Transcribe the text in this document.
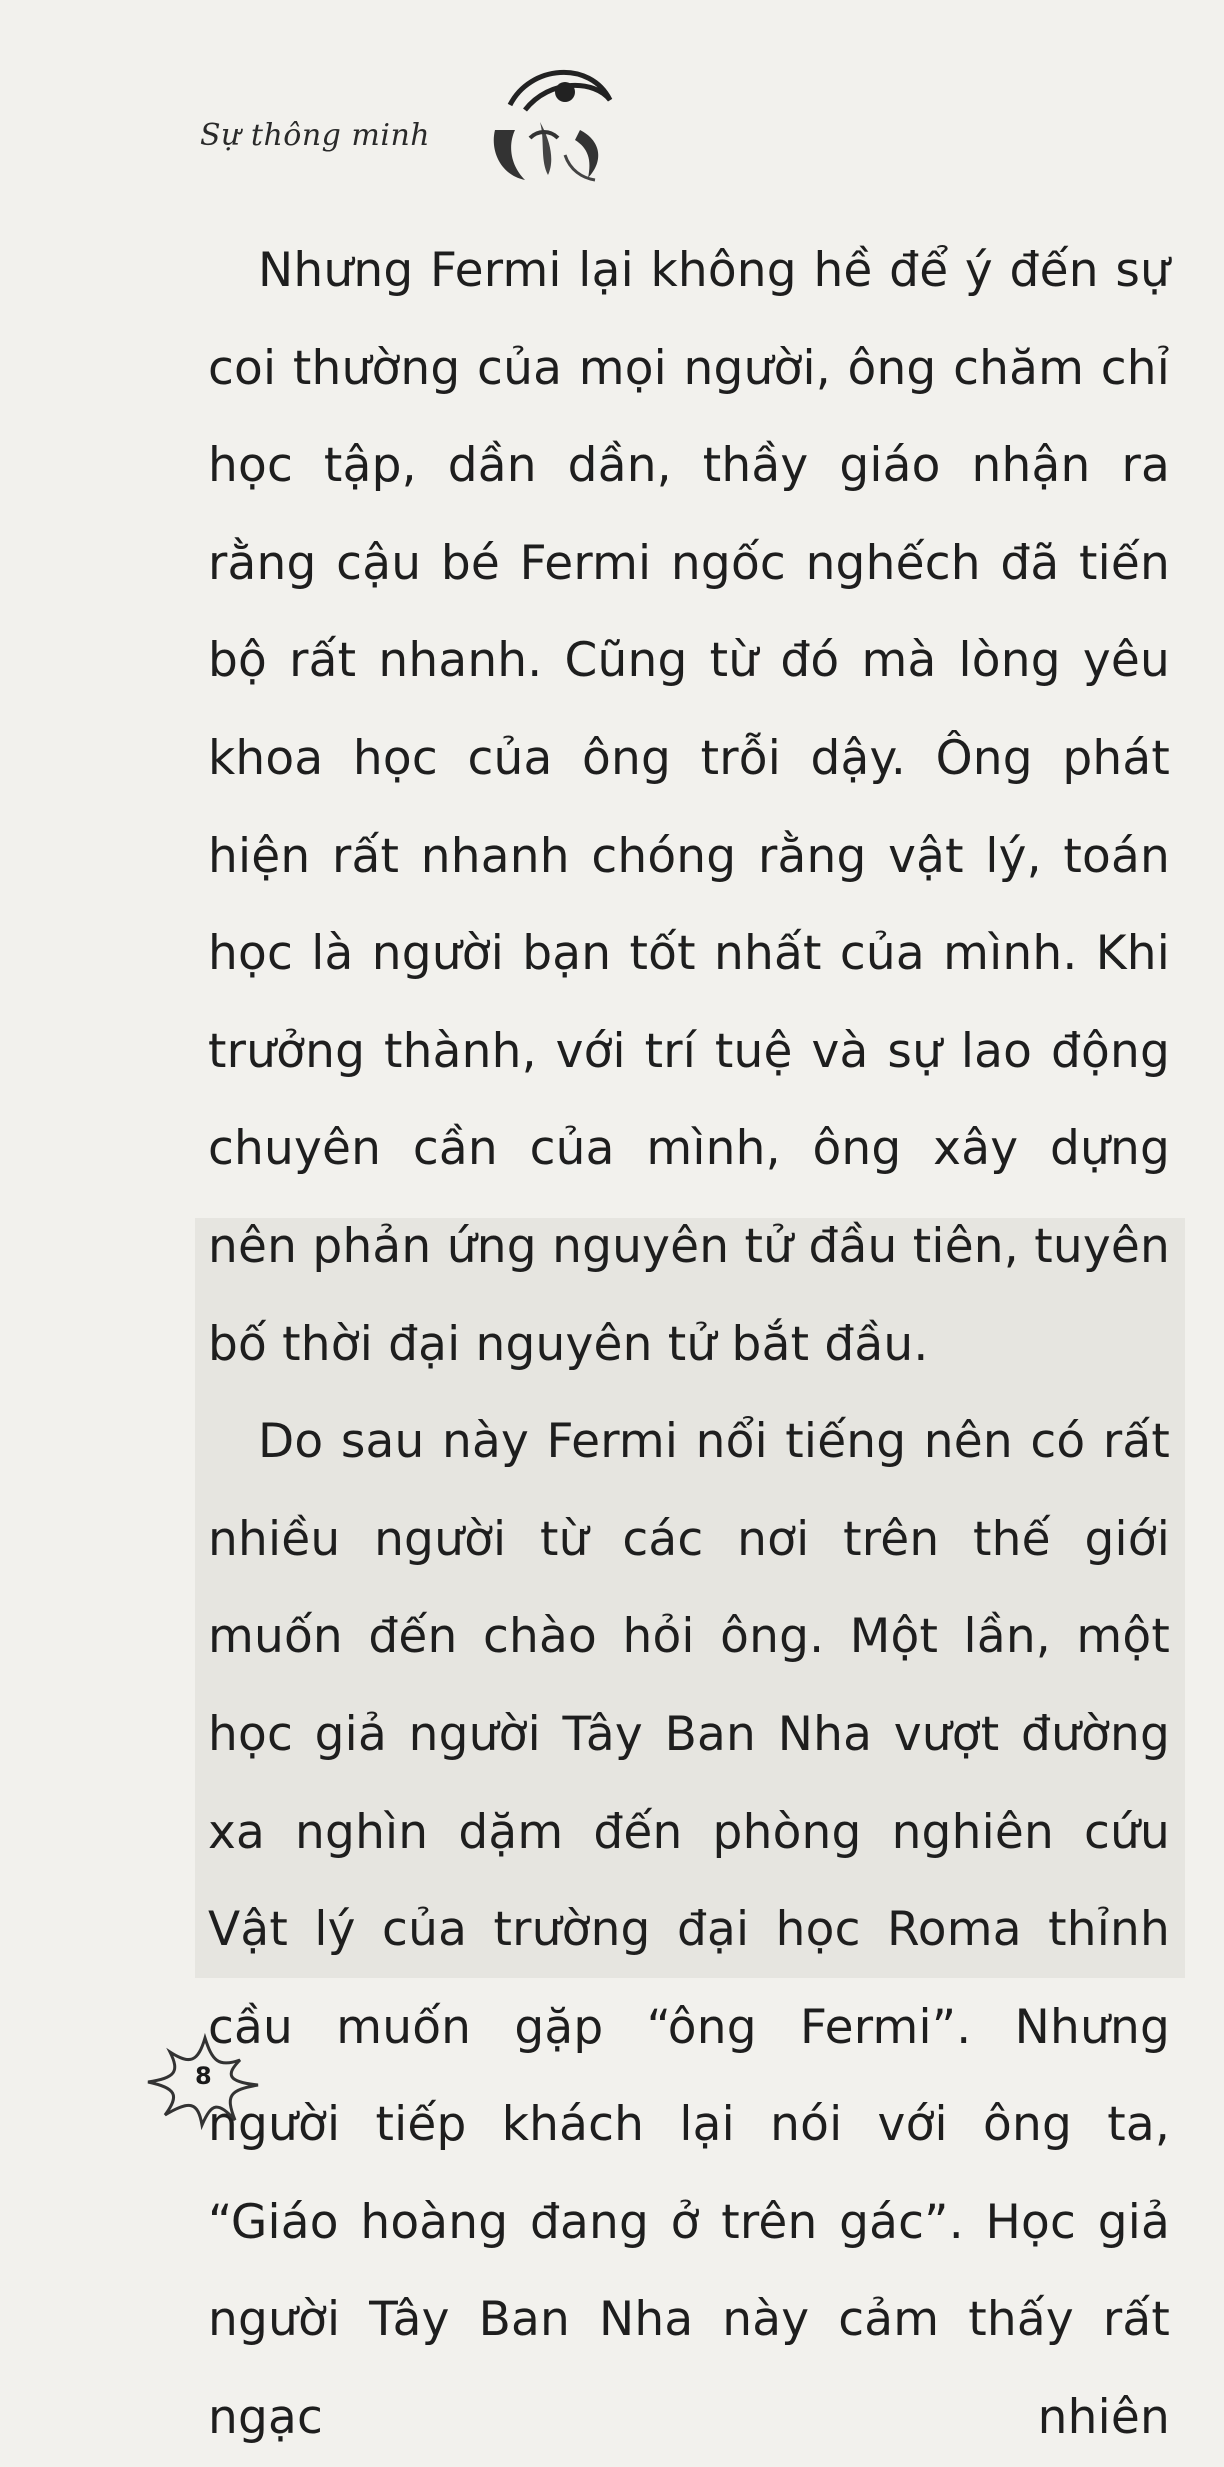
Sự thông minh

Nhưng Fermi lại không hề để ý đến sự coi thường của mọi người, ông chăm chỉ học tập, dần dần, thầy giáo nhận ra rằng cậu bé Fermi ngốc nghếch đã tiến bộ rất nhanh. Cũng từ đó mà lòng yêu khoa học của ông trỗi dậy. Ông phát hiện rất nhanh chóng rằng vật lý, toán học là người bạn tốt nhất của mình. Khi trưởng thành, với trí tuệ và sự lao động chuyên cần của mình, ông xây dựng nên phản ứng nguyên tử đầu tiên, tuyên bố thời đại nguyên tử bắt đầu.

Do sau này Fermi nổi tiếng nên có rất nhiều người từ các nơi trên thế giới muốn đến chào hỏi ông. Một lần, một học giả người Tây Ban Nha vượt đường xa nghìn dặm đến phòng nghiên cứu Vật lý của trường đại học Roma thỉnh cầu muốn gặp “ông Fermi”. Nhưng người tiếp khách lại nói với ông ta, “Giáo hoàng đang ở trên gác”. Học giả người Tây Ban Nha này cảm thấy rất ngạc nhiên

8
